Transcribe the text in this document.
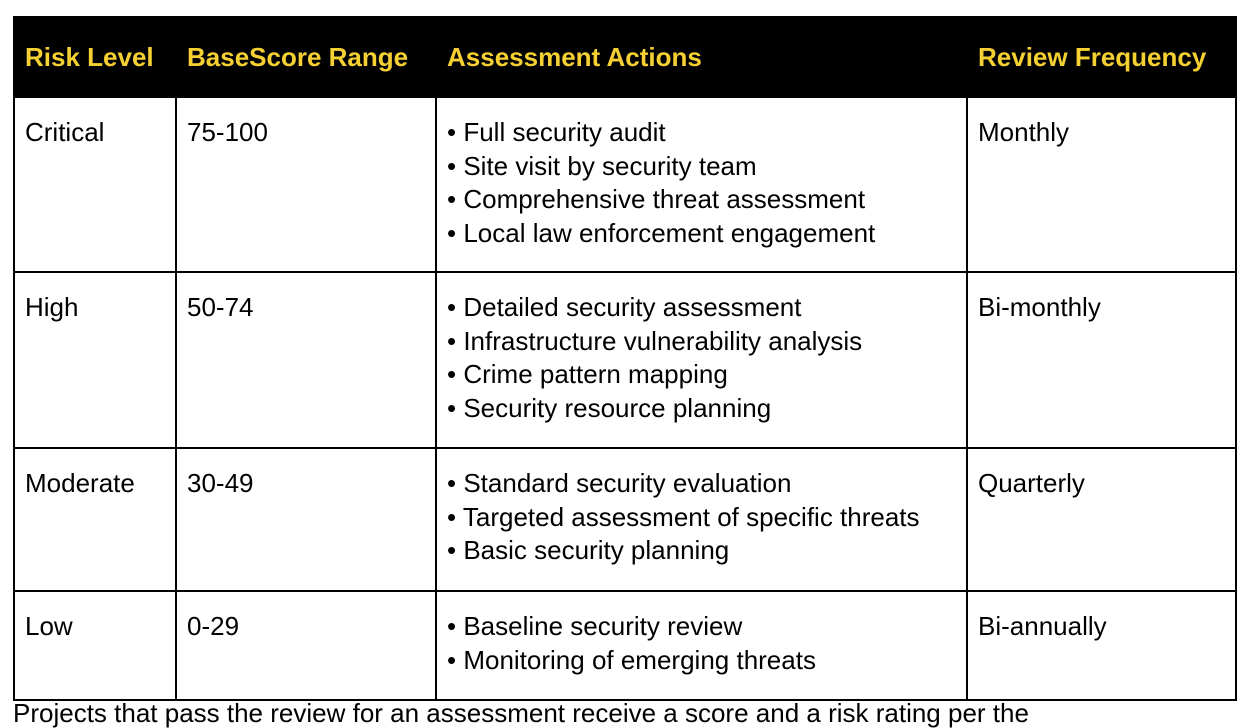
Risk Level	BaseScore Range	Assessment Actions	Review Frequency
Critical	75-100	• Full security audit
• Site visit by security team
• Comprehensive threat assessment
• Local law enforcement engagement	Monthly
High	50-74	• Detailed security assessment
• Infrastructure vulnerability analysis
• Crime pattern mapping
• Security resource planning	Bi-monthly
Moderate	30-49	• Standard security evaluation
• Targeted assessment of specific threats
• Basic security planning	Quarterly
Low	0-29	• Baseline security review
• Monitoring of emerging threats	Bi-annually
Projects that pass the review for an assessment receive a score and a risk rating per the
